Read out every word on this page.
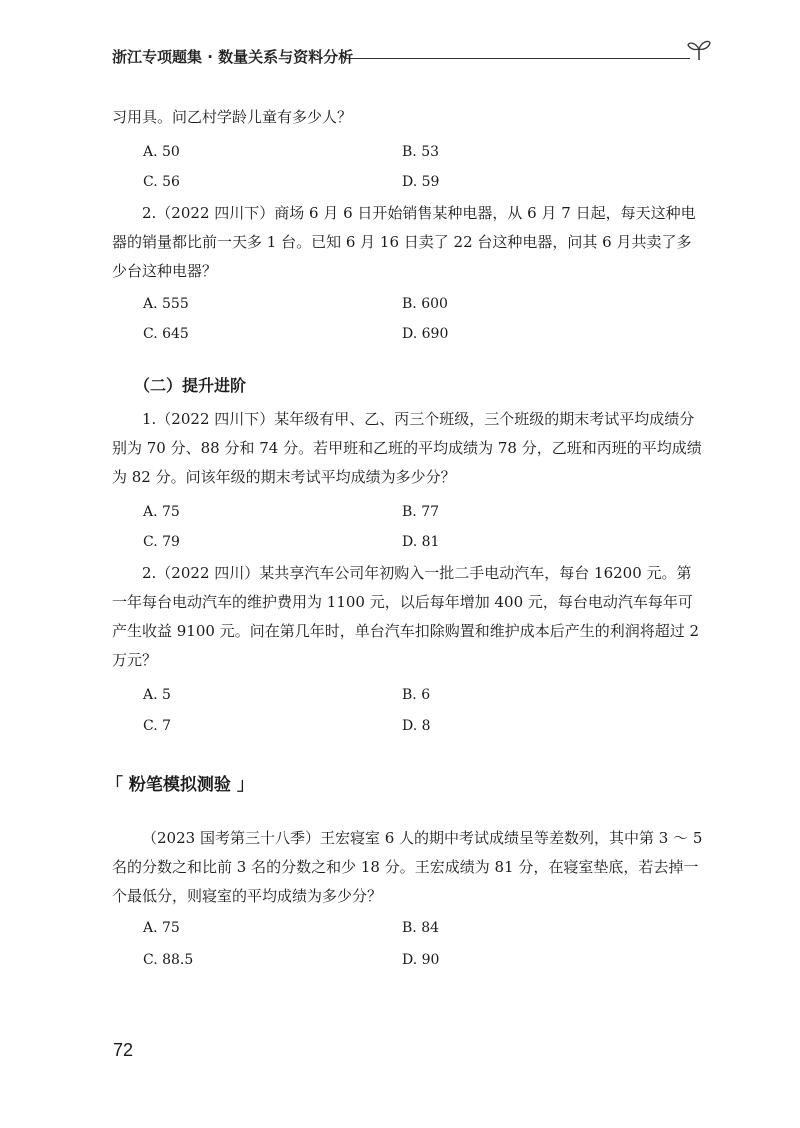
浙江专项题集 · 数量关系与资料分析
习用具。问乙村学龄儿童有多少人？
A. 50	B. 53
C. 56	D. 59
2.（2022 四川下）商场 6 月 6 日开始销售某种电器，从 6 月 7 日起，每天这种电器的销量都比前一天多 1 台。已知 6 月 16 日卖了 22 台这种电器，问其 6 月共卖了多少台这种电器？
A. 555	B. 600
C. 645	D. 690
（二）提升进阶
1.（2022 四川下）某年级有甲、乙、丙三个班级，三个班级的期末考试平均成绩分别为 70 分、88 分和 74 分。若甲班和乙班的平均成绩为 78 分，乙班和丙班的平均成绩为 82 分。问该年级的期末考试平均成绩为多少分？
A. 75	B. 77
C. 79	D. 81
2.（2022 四川）某共享汽车公司年初购入一批二手电动汽车，每台 16200 元。第一年每台电动汽车的维护费用为 1100 元，以后每年增加 400 元，每台电动汽车每年可产生收益 9100 元。问在第几年时，单台汽车扣除购置和维护成本后产生的利润将超过 2 万元？
A. 5	B. 6
C. 7	D. 8
「 粉笔模拟测验 」
（2023 国考第三十八季）王宏寝室 6 人的期中考试成绩呈等差数列，其中第 3 ～ 5 名的分数之和比前 3 名的分数之和少 18 分。王宏成绩为 81 分，在寝室垫底，若去掉一个最低分，则寝室的平均成绩为多少分？
A. 75	B. 84
C. 88.5	D. 90
72
